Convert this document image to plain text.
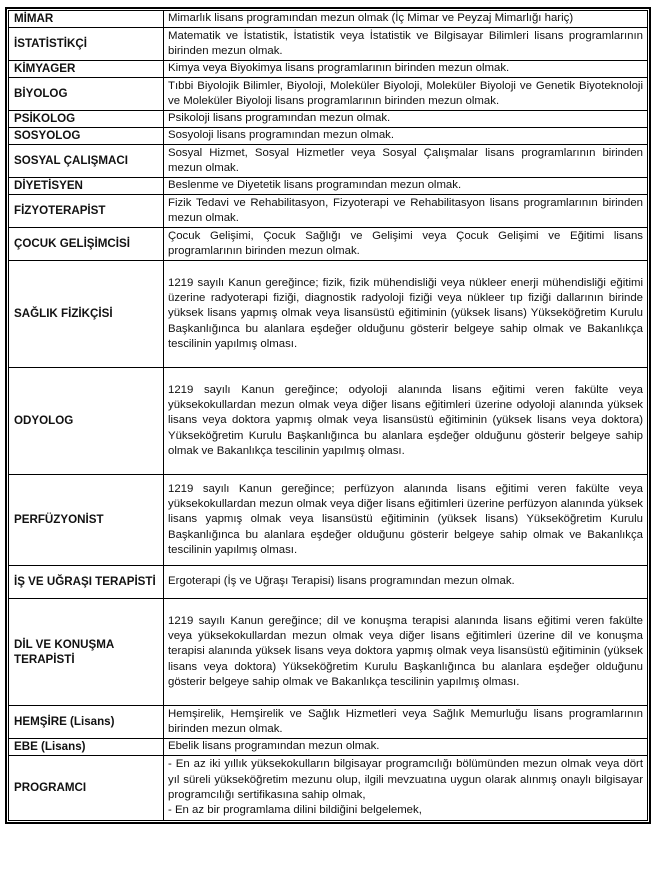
MİMAR	Mimarlık lisans programından mezun olmak (İç Mimar ve Peyzaj Mimarlığı hariç)
İSTATİSTİKÇİ	Matematik ve İstatistik, İstatistik veya İstatistik ve Bilgisayar Bilimleri lisans programlarının birinden mezun olmak.
KİMYAGER	Kimya veya Biyokimya lisans programlarının birinden mezun olmak.
BİYOLOG	Tıbbi Biyolojik Bilimler, Biyoloji, Moleküler Biyoloji, Moleküler Biyoloji ve Genetik Biyoteknoloji ve Moleküler Biyoloji lisans programlarının birinden mezun olmak.
PSİKOLOG	Psikoloji lisans programından mezun olmak.
SOSYOLOG	Sosyoloji lisans programından mezun olmak.
SOSYAL ÇALIŞMACI	Sosyal Hizmet, Sosyal Hizmetler veya Sosyal Çalışmalar lisans programlarının birinden mezun olmak.
DİYETİSYEN	Beslenme ve Diyetetik lisans programından mezun olmak.
FİZYOTERAPİST	Fizik Tedavi ve Rehabilitasyon, Fizyoterapi ve Rehabilitasyon lisans programlarının birinden mezun olmak.
ÇOCUK GELİŞİMCİSİ	Çocuk Gelişimi, Çocuk Sağlığı ve Gelişimi veya Çocuk Gelişimi ve Eğitimi lisans programlarının birinden mezun olmak.
SAĞLIK FİZİKÇİSİ	1219 sayılı Kanun gereğince; fizik, fizik mühendisliği veya nükleer enerji mühendisliği eğitimi üzerine radyoterapi fiziği, diagnostik radyoloji fiziği veya nükleer tıp fiziği dallarının birinde yüksek lisans yapmış olmak veya lisansüstü eğitiminin (yüksek lisans) Yükseköğretim Kurulu Başkanlığınca bu alanlara eşdeğer olduğunu gösterir belgeye sahip olmak ve Bakanlıkça tescilinin yapılmış olması.
ODYOLOG	1219 sayılı Kanun gereğince; odyoloji alanında lisans eğitimi veren fakülte veya yüksekokullardan mezun olmak veya diğer lisans eğitimleri üzerine odyoloji alanında yüksek lisans veya doktora yapmış olmak veya lisansüstü eğitiminin (yüksek lisans veya doktora) Yükseköğretim Kurulu Başkanlığınca bu alanlara eşdeğer olduğunu gösterir belgeye sahip olmak ve Bakanlıkça tescilinin yapılmış olması.
PERFÜZYONİST	1219 sayılı Kanun gereğince; perfüzyon alanında lisans eğitimi veren fakülte veya yüksekokullardan mezun olmak veya diğer lisans eğitimleri üzerine perfüzyon alanında yüksek lisans yapmış olmak veya lisansüstü eğitiminin (yüksek lisans) Yükseköğretim Kurulu Başkanlığınca bu alanlara eşdeğer olduğunu gösterir belgeye sahip olmak ve Bakanlıkça tescilinin yapılmış olması.
İŞ VE UĞRAŞI TERAPİSTİ	Ergoterapi (İş ve Uğraşı Terapisi) lisans programından mezun olmak.
DİL VE KONUŞMA TERAPİSTİ	1219 sayılı Kanun gereğince; dil ve konuşma terapisi alanında lisans eğitimi veren fakülte veya yüksekokullardan mezun olmak veya diğer lisans eğitimleri üzerine dil ve konuşma terapisi alanında yüksek lisans veya doktora yapmış olmak veya lisansüstü eğitiminin (yüksek lisans veya doktora) Yükseköğretim Kurulu Başkanlığınca bu alanlara eşdeğer olduğunu gösterir belgeye sahip olmak ve Bakanlıkça tescilinin yapılmış olması.
HEMŞİRE (Lisans)	Hemşirelik, Hemşirelik ve Sağlık Hizmetleri veya Sağlık Memurluğu lisans programlarının birinden mezun olmak.
EBE (Lisans)	Ebelik lisans programından mezun olmak.
PROGRAMCI	- En az iki yıllık yüksekokulların bilgisayar programcılığı bölümünden mezun olmak veya dört yıl süreli yükseköğretim mezunu olup, ilgili mevzuatına uygun olarak alınmış onaylı bilgisayar programcılığı sertifikasına sahip olmak,
- En az bir programlama dilini bildiğini belgelemek,
